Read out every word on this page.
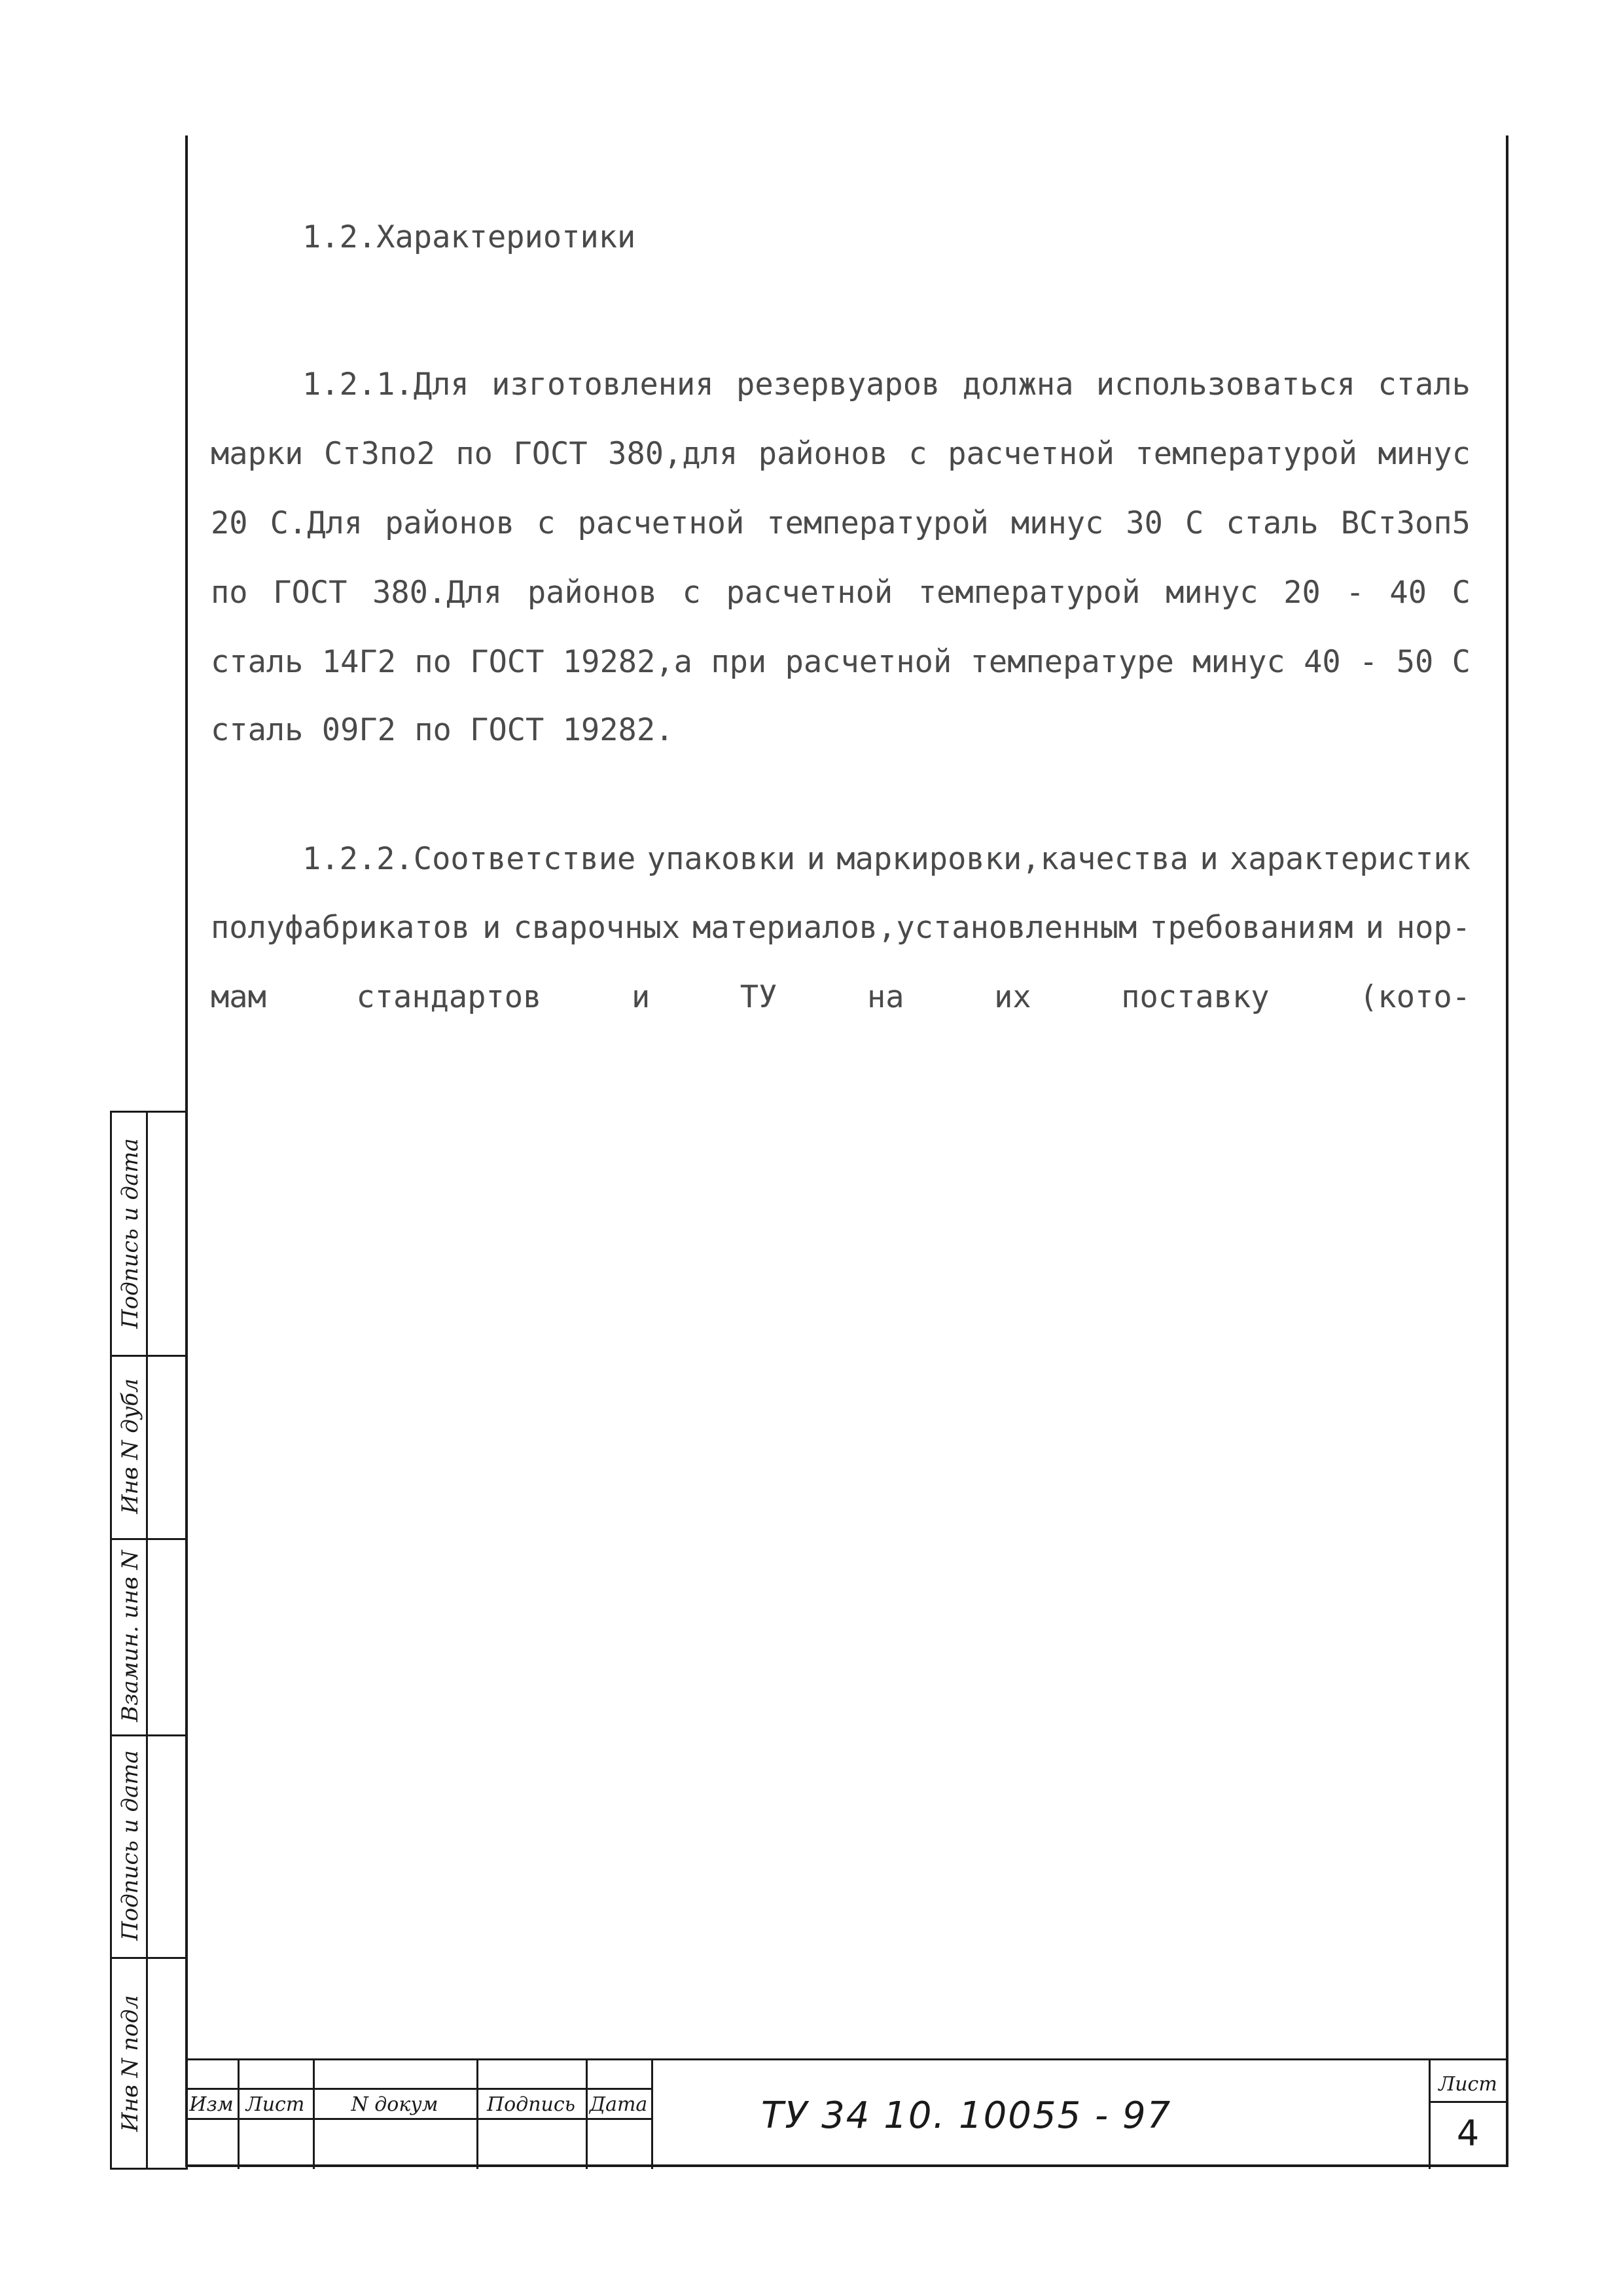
1.2.Характериотики
1.2.1.Для изготовления резервуаров должна использоваться сталь
марки Ст3по2 по ГОСТ 380,для районов с расчетной температурой минус
20 С.Для районов с расчетной температурой минус 30 С сталь ВСт3оп5
по ГОСТ 380.Для районов с расчетной температурой минус 20 - 40 С
сталь 14Г2 по ГОСТ 19282,а при расчетной температуре минус 40 - 50 С
сталь 09Г2 по ГОСТ 19282.
1.2.2.Соответствие упаковки и маркировки,качества и характеристик
полуфабрикатов и сварочных материалов,установленным требованиям и нор-
мам	стандартов	и	ТУ	на	их	поставку	(кото-
Подпись и дата
Инв N дубл
Взамин. инв N
Подпись и дата
Инв N подл Изм Лист	N докум	Подпись Дата	ТУ 34 10. 10055 - 97
Лист
4
